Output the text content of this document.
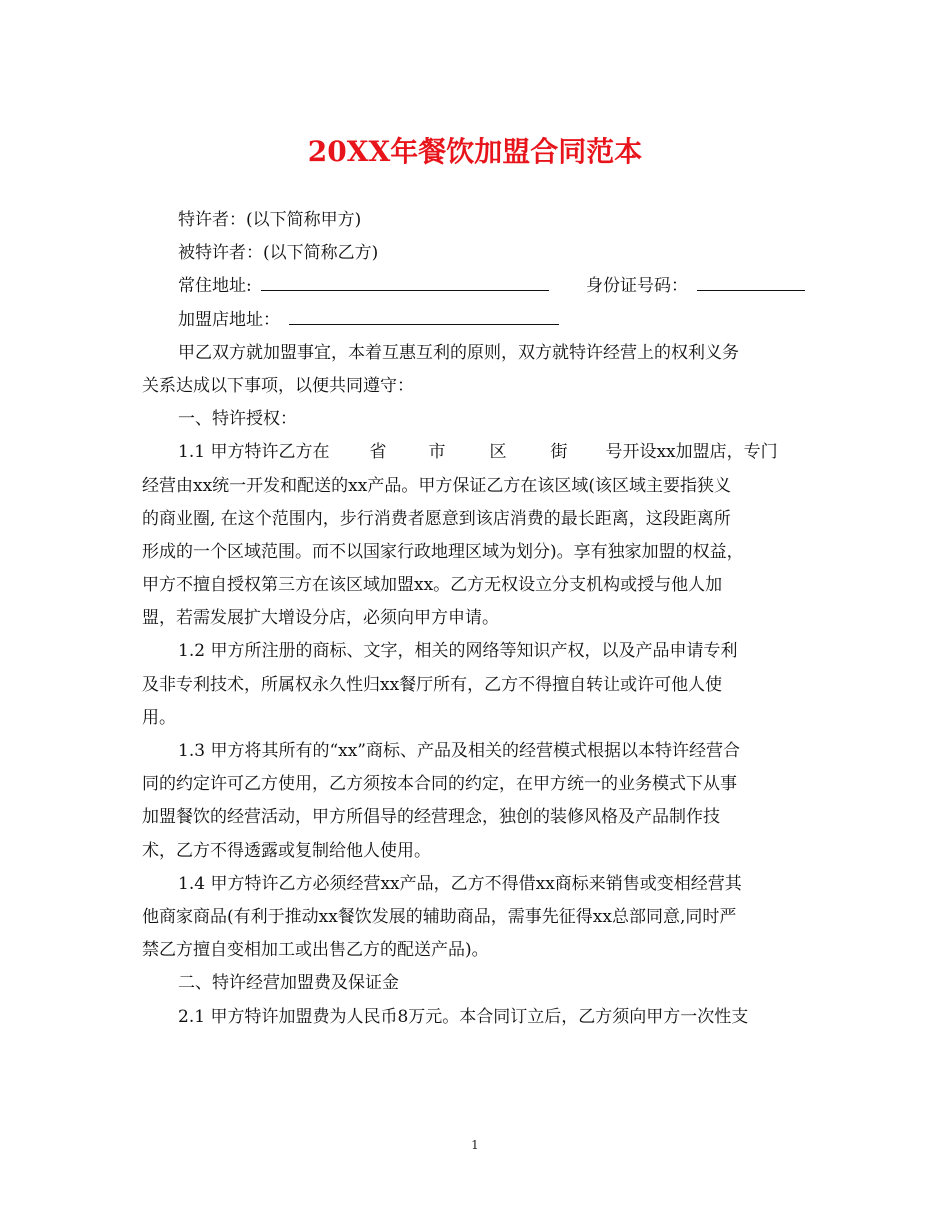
20XX年餐饮加盟合同范本
特许者：(以下简称甲方)
被特许者：(以下简称乙方)
常住地址:	身份证号码：
加盟店地址：
甲乙双方就加盟事宜，本着互惠互利的原则，双方就特许经营上的权利义务
关系达成以下事项，以便共同遵守：
一、特许授权：
1.1 甲方特许乙方在 省 市	区	街 号开设xx加盟店，专门
经营由xx统一开发和配送的xx产品。甲方保证乙方在该区域(该区域主要指狭义
的商业圈, 在这个范围内，步行消费者愿意到该店消费的最长距离，这段距离所
形成的一个区域范围。而不以国家行政地理区域为划分)。享有独家加盟的权益，
甲方不擅自授权第三方在该区域加盟xx。乙方无权设立分支机构或授与他人加
盟，若需发展扩大增设分店，必须向甲方申请。
1.2 甲方所注册的商标、文字，相关的网络等知识产权，以及产品申请专利
及非专利技术，所属权永久性归xx餐厅所有，乙方不得擅自转让或许可他人使
用。
1.3 甲方将其所有的“xx”商标、产品及相关的经营模式根据以本特许经营合
同的约定许可乙方使用，乙方须按本合同的约定，在甲方统一的业务模式下从事
加盟餐饮的经营活动，甲方所倡导的经营理念，独创的装修风格及产品制作技
术，乙方不得透露或复制给他人使用。
1.4 甲方特许乙方必须经营xx产品，乙方不得借xx商标来销售或变相经营其
他商家商品(有利于推动xx餐饮发展的辅助商品，需事先征得xx总部同意,同时严
禁乙方擅自变相加工或出售乙方的配送产品)。
二、特许经营加盟费及保证金
2.1 甲方特许加盟费为人民币8万元。本合同订立后，乙方须向甲方一次性支
1
